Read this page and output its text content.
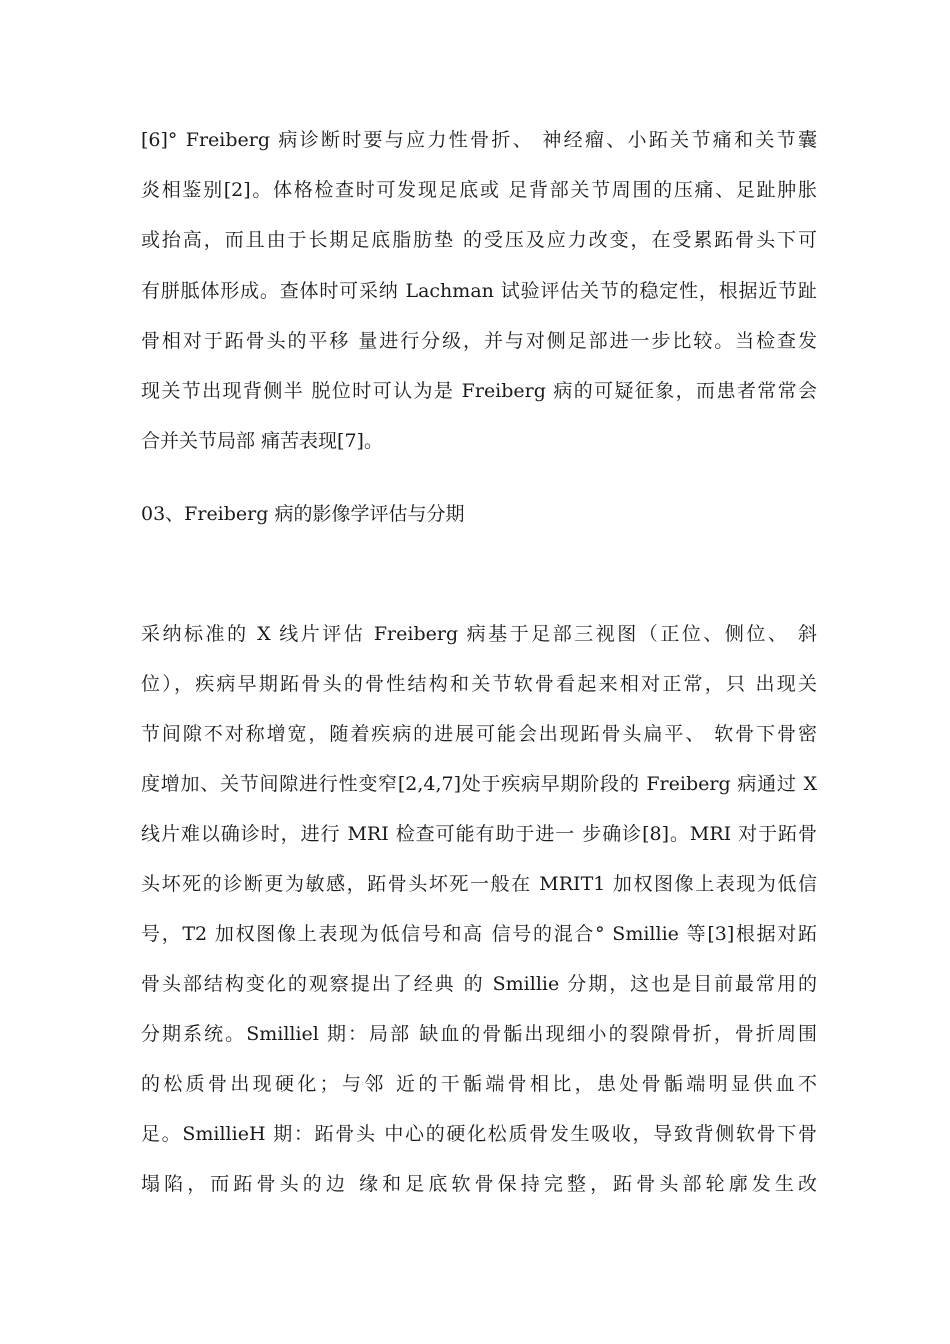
[6]° Freiberg 病诊断时要与应力性骨折、 神经瘤、小跖关节痛和关节囊
炎相鉴别[2]。体格检查时可发现足底或 足背部关节周围的压痛、足趾肿胀
或抬高，而且由于长期足底脂肪垫 的受压及应力改变，在受累跖骨头下可
有胼胝体形成。查体时可采纳 Lachman 试验评估关节的稳定性，根据近节趾
骨相对于跖骨头的平移 量进行分级，并与对侧足部进一步比较。当检查发
现关节出现背侧半 脱位时可认为是 Freiberg 病的可疑征象，而患者常常会
合并关节局部 痛苦表现[7]。
03、Freiberg 病的影像学评估与分期
采纳标准的 X 线片评估 Freiberg 病基于足部三视图（正位、侧位、 斜
位），疾病早期跖骨头的骨性结构和关节软骨看起来相对正常，只 出现关
节间隙不对称增宽，随着疾病的进展可能会出现跖骨头扁平、 软骨下骨密
度增加、关节间隙进行性变窄[2,4,7]处于疾病早期阶段的 Freiberg 病通过 X
线片难以确诊时，进行 MRI 检查可能有助于进一 步确诊[8]。MRI 对于跖骨
头坏死的诊断更为敏感，跖骨头坏死一般在 MRIT1 加权图像上表现为低信
号，T2 加权图像上表现为低信号和高 信号的混合° Smillie 等[3]根据对跖
骨头部结构变化的观察提出了经典 的 Smillie 分期，这也是目前最常用的
分期系统。Smilliel 期：局部 缺血的骨骺出现细小的裂隙骨折，骨折周围
的松质骨出现硬化；与邻 近的干骺端骨相比，患处骨骺端明显供血不
足。SmillieH 期：跖骨头 中心的硬化松质骨发生吸收，导致背侧软骨下骨
塌陷，而跖骨头的边 缘和足底软骨保持完整，跖骨头部轮廓发生改
